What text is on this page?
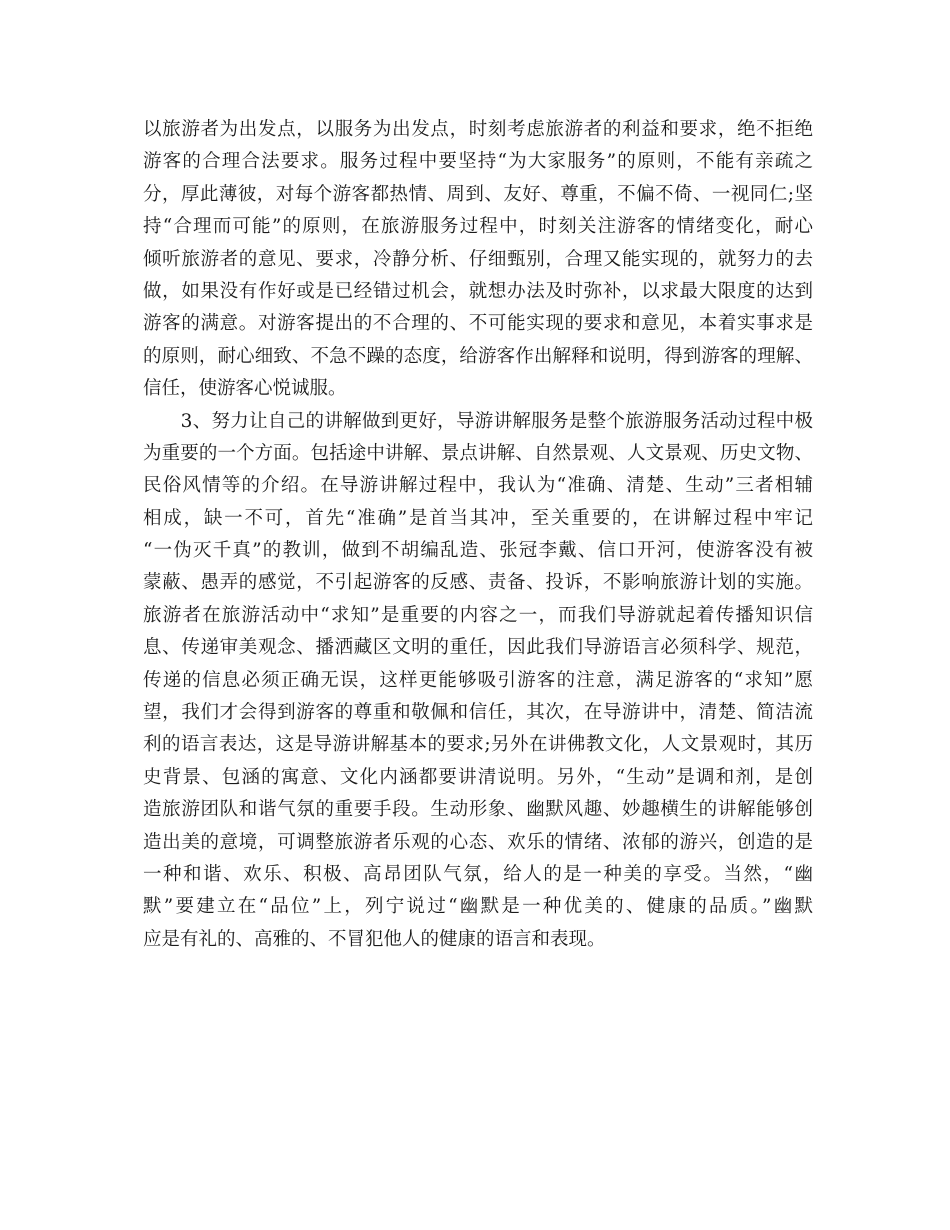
以旅游者为出发点，以服务为出发点，时刻考虑旅游者的利益和要求，绝不拒绝
游客的合理合法要求。服务过程中要坚持“为大家服务”的原则，不能有亲疏之
分，厚此薄彼，对每个游客都热情、周到、友好、尊重，不偏不倚、一视同仁;坚
持“合理而可能”的原则，在旅游服务过程中，时刻关注游客的情绪变化，耐心
倾听旅游者的意见、要求，冷静分析、仔细甄别，合理又能实现的，就努力的去
做，如果没有作好或是已经错过机会，就想办法及时弥补，以求最大限度的达到
游客的满意。对游客提出的不合理的、不可能实现的要求和意见，本着实事求是
的原则，耐心细致、不急不躁的态度，给游客作出解释和说明，得到游客的理解、
信任，使游客心悦诚服。
　　3、努力让自己的讲解做到更好，导游讲解服务是整个旅游服务活动过程中极
为重要的一个方面。包括途中讲解、景点讲解、自然景观、人文景观、历史文物、
民俗风情等的介绍。在导游讲解过程中，我认为“准确、清楚、生动”三者相辅
相成，缺一不可，首先“准确”是首当其冲，至关重要的，在讲解过程中牢记
“一伪灭千真”的教训，做到不胡编乱造、张冠李戴、信口开河，使游客没有被
蒙蔽、愚弄的感觉，不引起游客的反感、责备、投诉，不影响旅游计划的实施。
旅游者在旅游活动中“求知”是重要的内容之一，而我们导游就起着传播知识信
息、传递审美观念、播洒藏区文明的重任，因此我们导游语言必须科学、规范，
传递的信息必须正确无误，这样更能够吸引游客的注意，满足游客的“求知”愿
望，我们才会得到游客的尊重和敬佩和信任，其次，在导游讲中，清楚、简洁流
利的语言表达，这是导游讲解基本的要求;另外在讲佛教文化，人文景观时，其历
史背景、包涵的寓意、文化内涵都要讲清说明。另外，“生动”是调和剂，是创
造旅游团队和谐气氛的重要手段。生动形象、幽默风趣、妙趣横生的讲解能够创
造出美的意境，可调整旅游者乐观的心态、欢乐的情绪、浓郁的游兴，创造的是
一种和谐、欢乐、积极、高昂团队气氛，给人的是一种美的享受。当然，“幽
默”要建立在“品位”上，列宁说过“幽默是一种优美的、健康的品质。”幽默
应是有礼的、高雅的、不冒犯他人的健康的语言和表现。
